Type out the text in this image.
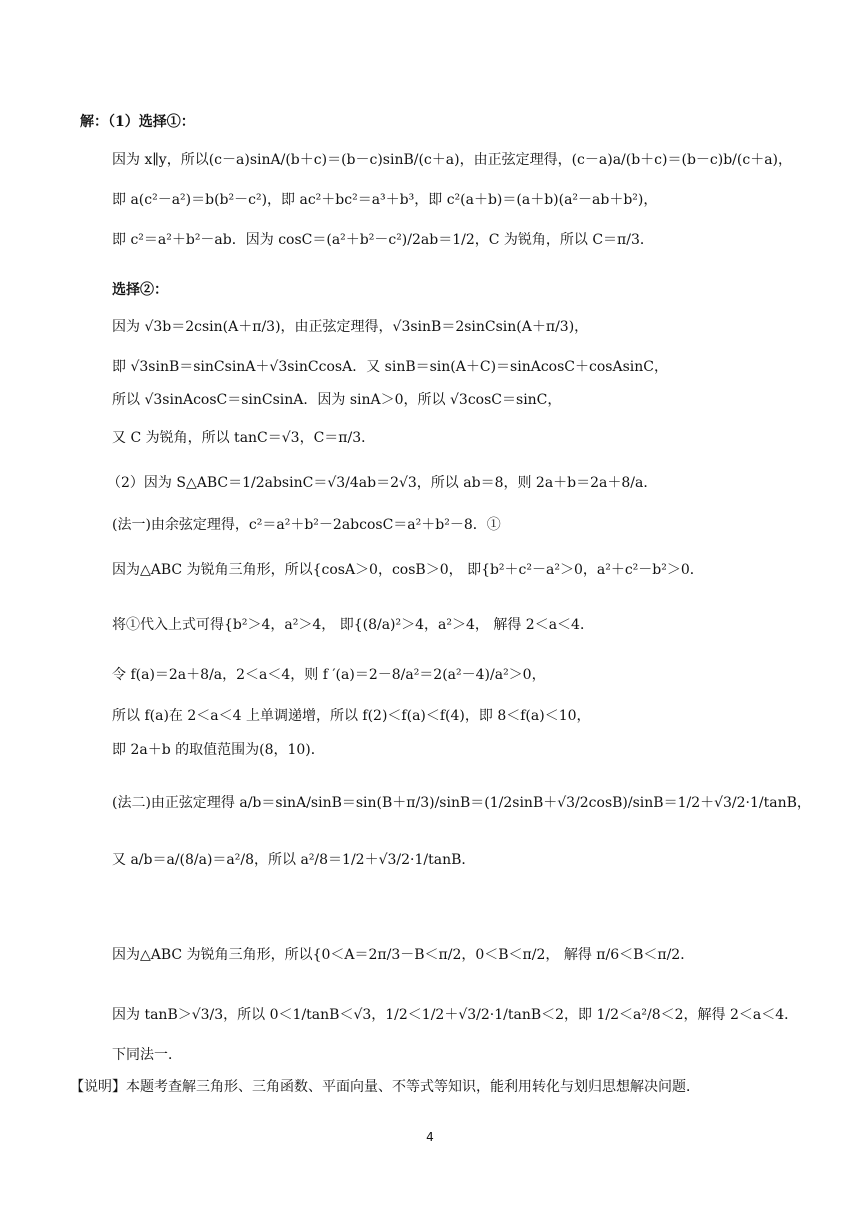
解：（1）选择①：
因为 x∥y，所以(c－a)sinA/(b＋c)＝(b－c)sinB/(c＋a)，由正弦定理得，(c－a)a/(b＋c)＝(b－c)b/(c＋a)，
即 a(c²－a²)＝b(b²－c²)，即 ac²＋bc²＝a³＋b³，即 c²(a＋b)＝(a＋b)(a²－ab＋b²)，
即 c²＝a²＋b²－ab．因为 cosC＝(a²＋b²－c²)/2ab＝1/2，C 为锐角，所以 C＝π/3．
选择②：
因为 √3b＝2csin(A＋π/3)，由正弦定理得，√3sinB＝2sinCsin(A＋π/3)，
即 √3sinB＝sinCsinA＋√3sinCcosA．又 sinB＝sin(A＋C)＝sinAcosC＋cosAsinC，
所以 √3sinAcosC＝sinCsinA．因为 sinA＞0，所以 √3cosC＝sinC，
又 C 为锐角，所以 tanC＝√3，C＝π/3．
（2）因为 S△ABC＝1/2absinC＝√3/4ab＝2√3，所以 ab＝8，则 2a＋b＝2a＋8/a．
(法一)由余弦定理得，c²＝a²＋b²－2abcosC＝a²＋b²－8．①
因为△ABC 为锐角三角形，所以{cosA＞0，cosB＞0， 即{b²＋c²－a²＞0，a²＋c²－b²＞0．
将①代入上式可得{b²＞4，a²＞4， 即{(8/a)²＞4，a²＞4， 解得 2＜a＜4．
令 f(a)＝2a＋8/a，2＜a＜4，则 f ′(a)＝2－8/a²＝2(a²－4)/a²＞0，
所以 f(a)在 2＜a＜4 上单调递增，所以 f(2)＜f(a)＜f(4)，即 8＜f(a)＜10，
即 2a＋b 的取值范围为(8，10)．
(法二)由正弦定理得 a/b＝sinA/sinB＝sin(B＋π/3)/sinB＝(1/2sinB＋√3/2cosB)/sinB＝1/2＋√3/2·1/tanB，
又 a/b＝a/(8/a)＝a²/8，所以 a²/8＝1/2＋√3/2·1/tanB．
因为△ABC 为锐角三角形，所以{0＜A＝2π/3－B＜π/2，0＜B＜π/2， 解得 π/6＜B＜π/2．
因为 tanB＞√3/3，所以 0＜1/tanB＜√3，1/2＜1/2＋√3/2·1/tanB＜2，即 1/2＜a²/8＜2，解得 2＜a＜4．
下同法一．
【说明】本题考查解三角形、三角函数、平面向量、不等式等知识，能利用转化与划归思想解决问题．
4
